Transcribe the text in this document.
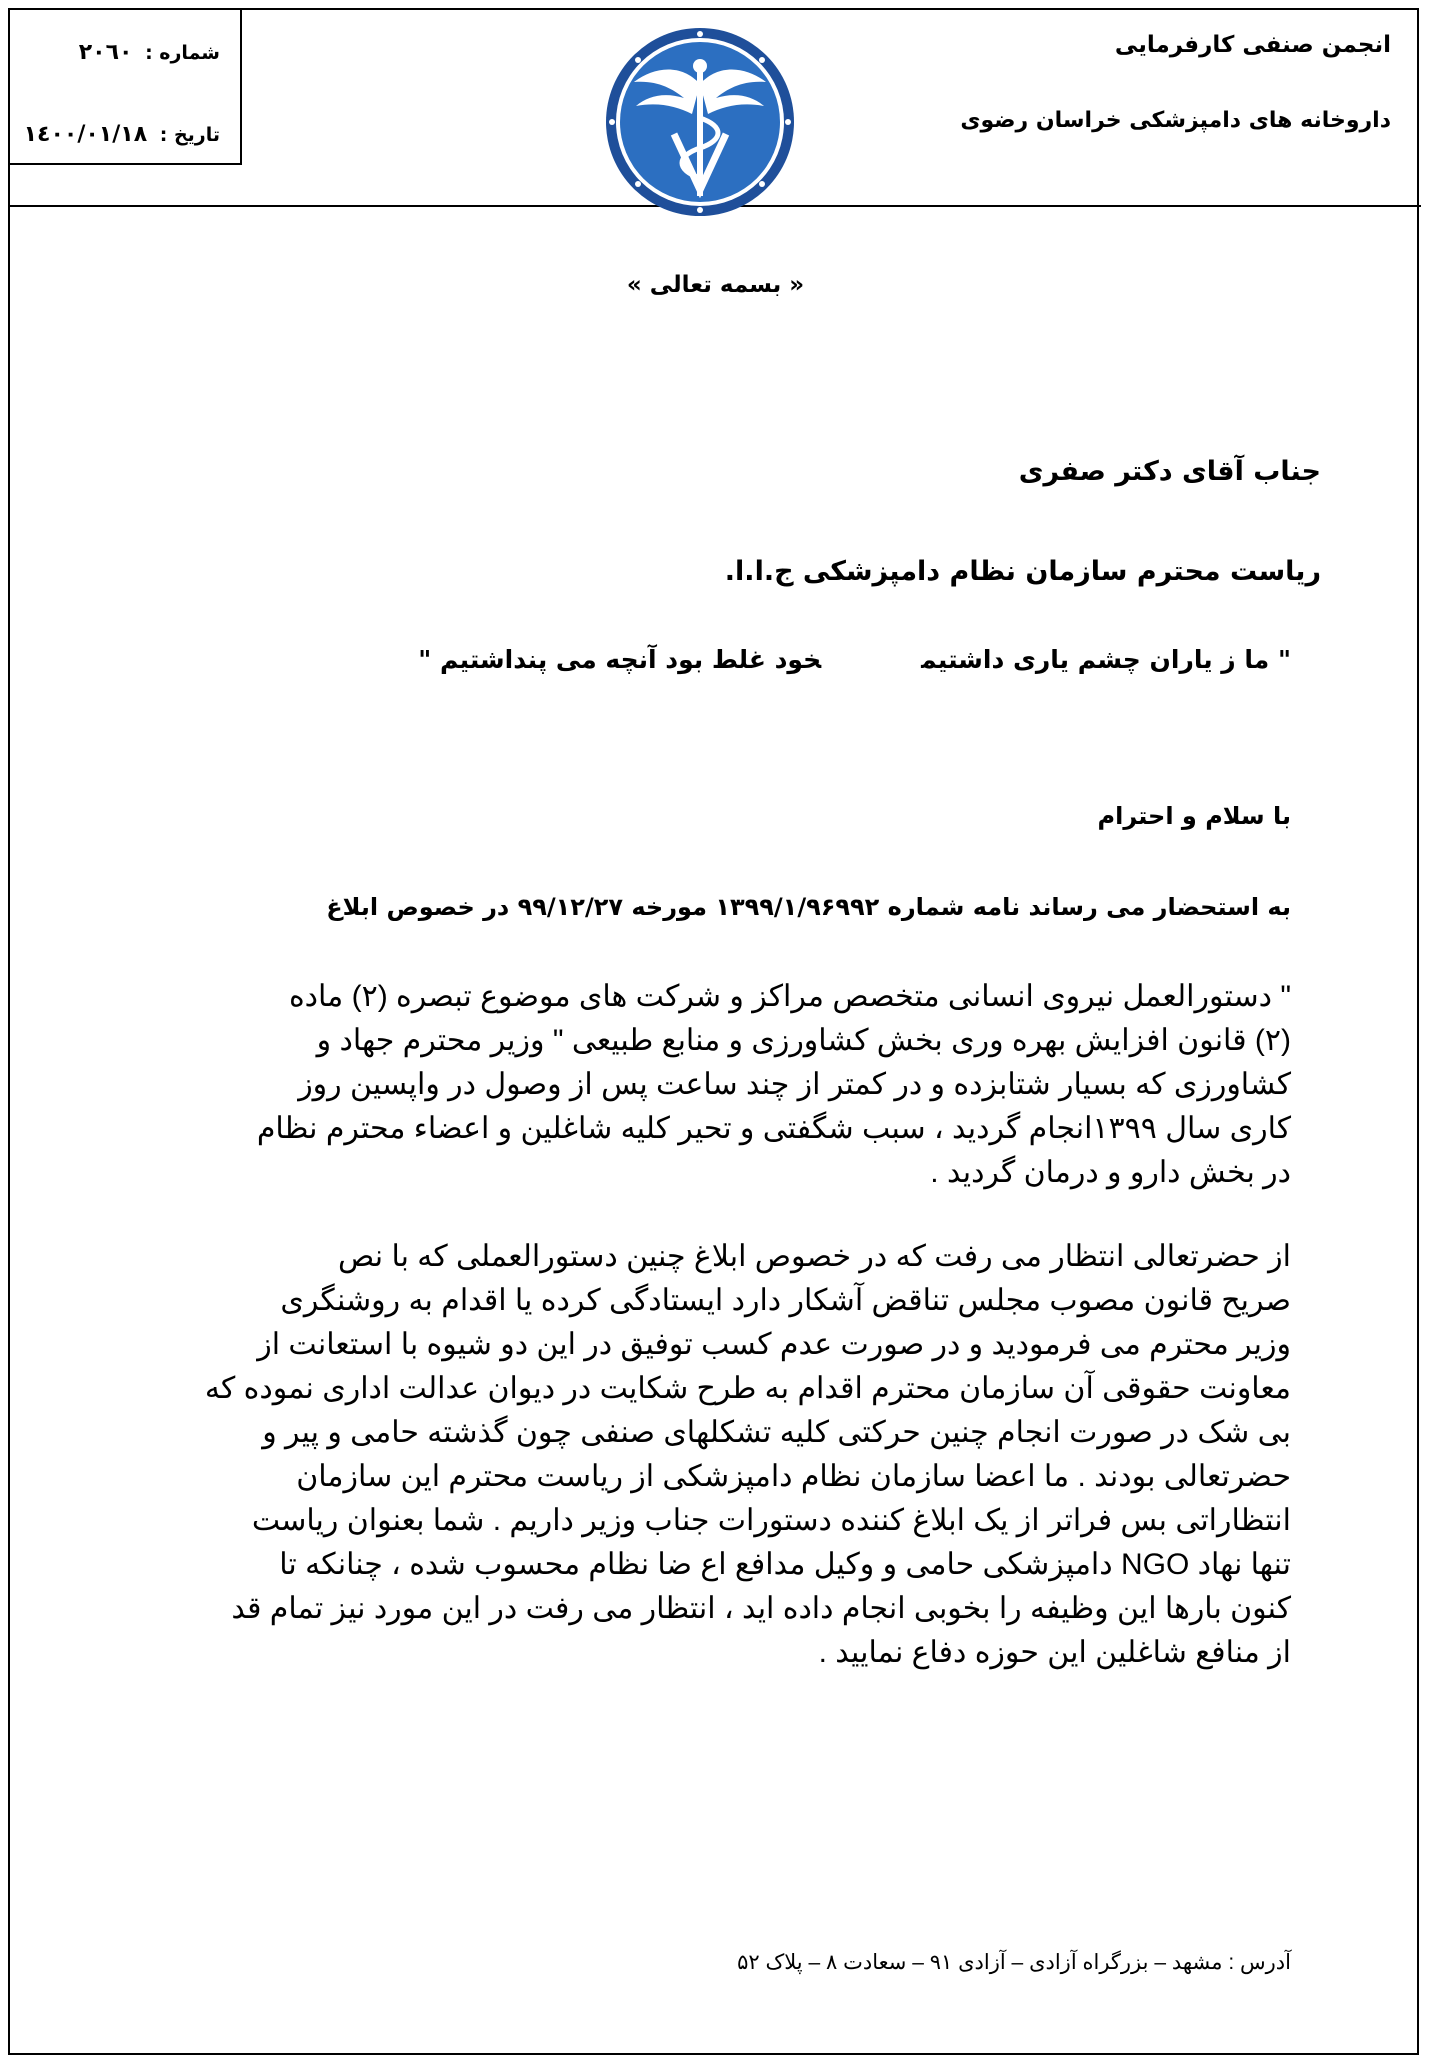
شماره : ۲۰٦۰
تاریخ : ۱٤۰۰/۰۱/۱۸
انجمن صنفی کارفرمایی
داروخانه های دامپزشکی خراسان رضوی
« بسمه تعالی »
جناب آقای دکتر صفری
ریاست محترم سازمان نظام دامپزشکی ج.ا.ا.
" ما ز یاران چشم یاری داشتیمخود غلط بود آنچه می پنداشتیم "
با سلام و احترام
به استحضار می رساند نامه شماره ۱۳۹۹/۱/۹۶۹۹۲ مورخه ۹۹/۱۲/۲۷ در خصوص ابلاغ
" دستورالعمل نیروی انسانی متخصص مراکز و شرکت های موضوع تبصره (۲) ماده
(۲) قانون افزایش بهره وری بخش کشاورزی و منابع طبیعی " وزیر محترم جهاد و
کشاورزی که بسیار شتابزده و در کمتر از چند ساعت پس از وصول در واپسین روز
کاری سال ۱۳۹۹انجام گردید ، سبب شگفتی و تحیر کلیه شاغلین و اعضاء محترم نظام
در بخش دارو و درمان گردید .
از حضرتعالی انتظار می رفت که در خصوص ابلاغ چنین دستورالعملی که با نص
صریح قانون مصوب مجلس تناقض آشکار دارد ایستادگی کرده یا اقدام به روشنگری
وزیر محترم می فرمودید و در صورت عدم کسب توفیق در این دو شیوه با استعانت از
معاونت حقوقی آن سازمان محترم اقدام به طرح شکایت در دیوان عدالت اداری نموده که
بی شک در صورت انجام چنین حرکتی کلیه تشکلهای صنفی چون گذشته حامی و پیر و
حضرتعالی بودند . ما اعضا سازمان نظام دامپزشکی از ریاست محترم این سازمان
انتظاراتی بس فراتر از یک ابلاغ کننده دستورات جناب وزیر داریم . شما بعنوان ریاست
تنها نهاد NGO دامپزشکی حامی و وکیل مدافع اع ضا نظام محسوب شده ، چنانکه تا
کنون بارها این وظیفه را بخوبی انجام داده اید ، انتظار می رفت در این مورد نیز تمام قد
از منافع شاغلین این حوزه دفاع نمایید .
آدرس : مشهد – بزرگراه آزادی – آزادی ۹۱ – سعادت ۸ – پلاک ۵۲
